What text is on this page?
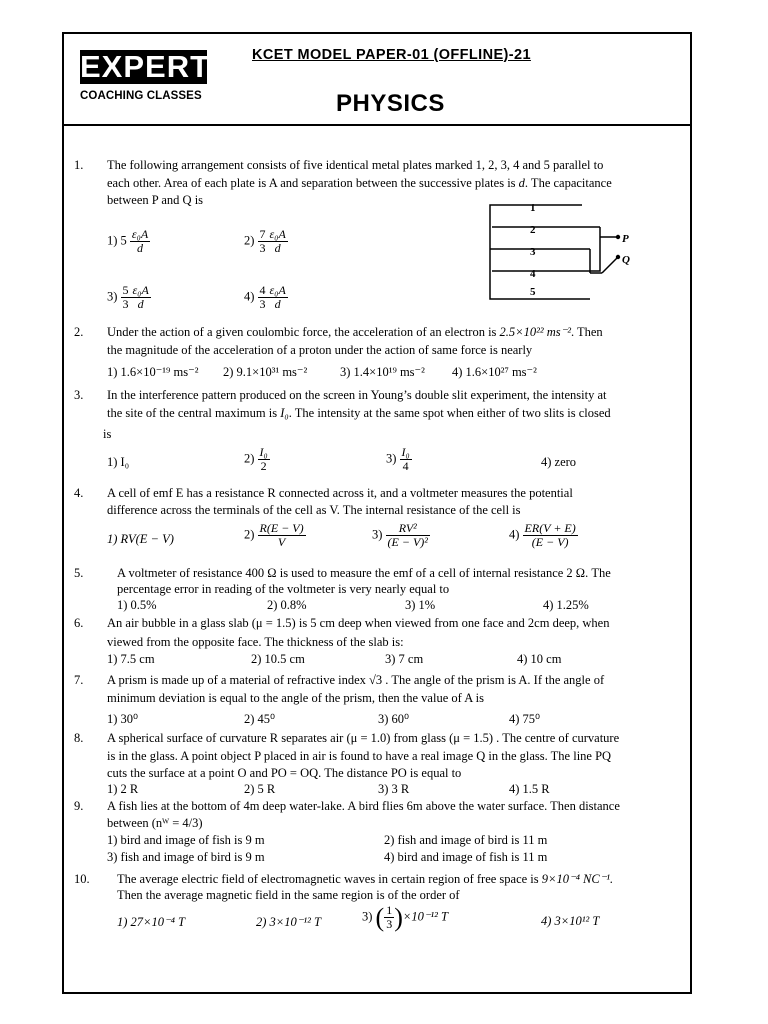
EXPERT
COACHING CLASSES
KCET MODEL PAPER-01 (OFFLINE)-21
PHYSICS
1. The following arrangement consists of five identical metal plates marked 1, 2, 3, 4 and 5 parallel to
each other. Area of each plate is A and separation between the successive plates is d. The capacitance
between P and Q is
1) $5 \frac{\text{ε₀A}}{d}$	$2) \frac{7}{3} \frac{\text{ε₀A}}{d}$
$3) \frac{5}{3} \frac{\text{ε₀A}}{d}$	$4) \frac{4}{3} \frac{\text{ε₀A}}{d}$
1
2
3
4
5
P
Q
2. Under the action of a given coulombic force, the acceleration of an electron is 2.5×10²² ms⁻². Then
the magnitude of the acceleration of a proton under the action of same force is nearly
1) 1.6×10⁻¹⁹ ms⁻² 2) 9.1×10³¹ ms⁻²	3) 1.4×10¹⁹ ms⁻² 4) 1.6×10²⁷ ms⁻²
3. In the interference pattern produced on the screen in Young’s double slit experiment, the intensity at
the site of the central maximum is I₀. The intensity at the same spot when either of two slits is closed
is
1) I₀	$2) \frac{\text{I₀}}{2}$	$3) \frac{\text{I₀}}{4}$	4) zero
4. A cell of emf E has a resistance R connected across it, and a voltmeter measures the potential
difference across the terminals of the cell as V. The internal resistance of the cell is
1) RV(E − V)	$2) \frac{R(E - V)}{V}$	$3) \frac{\text{RV²}}{\text{(E − V)²}}$	$4) \frac{ER(V + E)}{(E - V)}$
5.	A voltmeter of resistance 400 Ω is used to measure the emf of a cell of internal resistance 2 Ω. The
percentage error in reading of the voltmeter is very nearly equal to
1) 0.5%	2) 0.8%	3) 1%	4) 1.25%
6. An air bubble in a glass slab (μ = 1.5) is 5 cm deep when viewed from one face and 2cm deep, when
viewed from the opposite face. The thickness of the slab is:
1) 7.5 cm	2) 10.5 cm	3) 7 cm	4) 10 cm
7. A prism is made up of a material of refractive index √3 . The angle of the prism is A. If the angle of
minimum deviation is equal to the angle of the prism, then the value of A is
1) 30⁰	2) 45⁰	3) 60⁰	4) 75⁰
8. A spherical surface of curvature R separates air (μ = 1.0) from glass (μ = 1.5) . The centre of curvature
is in the glass. A point object P placed in air is found to have a real image Q in the glass. The line PQ
cuts the surface at a point O and PO = OQ. The distance PO is equal to
1) 2 R	2) 5 R	3) 3 R	4) 1.5 R
9. A fish lies at the bottom of 4m deep water-lake. A bird flies 6m above the water surface. Then distance
between (nᵂ = 4/3)
1) bird and image of fish is 9 m	2) fish and image of bird is 11 m
3) fish and image of bird is 9 m	4) bird and image of fish is 11 m
10. The average electric field of electromagnetic waves in certain region of free space is 9×10⁻⁴ NC⁻¹.
Then the average magnetic field in the same region is of the order of
1) 27×10⁻⁴ T	2) 3×10⁻¹² T	3) ( $\frac{1}{3} )\times 10^{-12}$ T	4) 3×10¹² T
